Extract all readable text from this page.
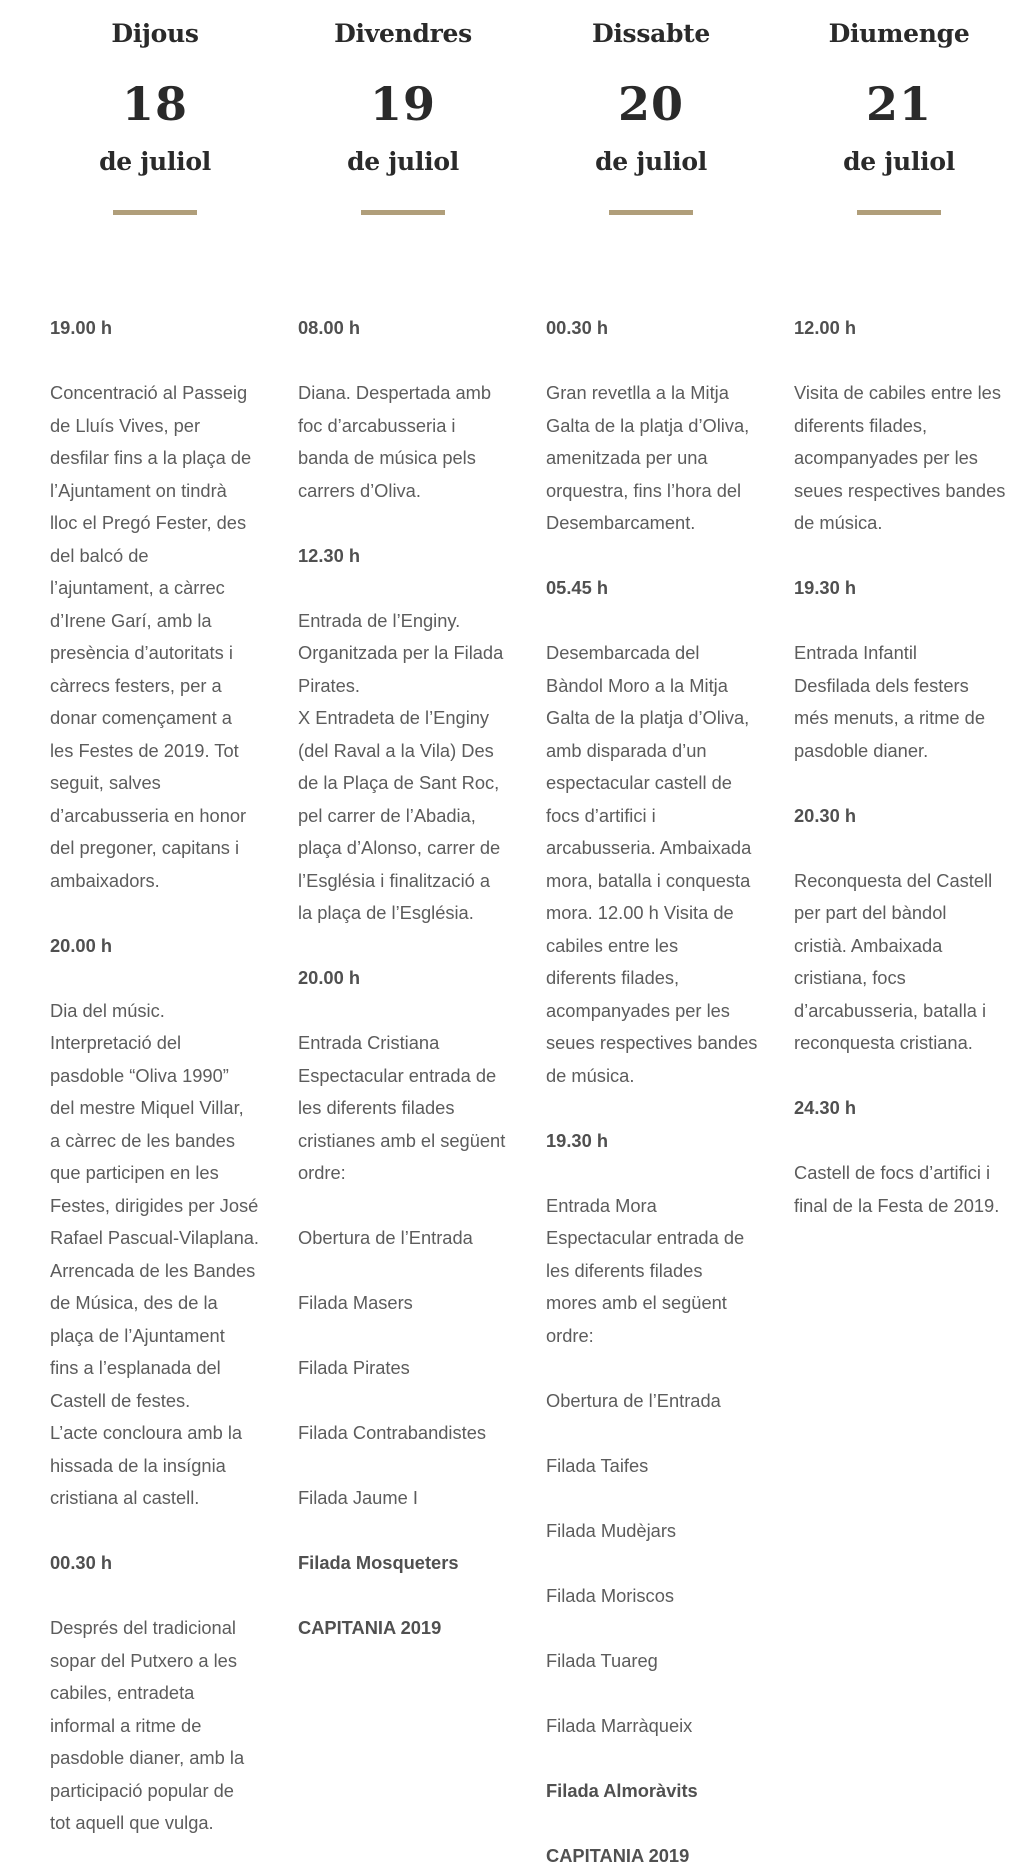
Dijous
18
de juliol
19.00 h
Concentració al Passeig
de Lluís Vives, per
desfilar fins a la plaça de
l’Ajuntament on tindrà
lloc el Pregó Fester, des
del balcó de
l’ajuntament, a càrrec
d’Irene Garí, amb la
presència d’autoritats i
càrrecs festers, per a
donar començament a
les Festes de 2019. Tot
seguit, salves
d’arcabusseria en honor
del pregoner, capitans i
ambaixadors.
20.00 h
Dia del músic.
Interpretació del
pasdoble “Oliva 1990”
del mestre Miquel Villar,
a càrrec de les bandes
que participen en les
Festes, dirigides per José
Rafael Pascual-Vilaplana.
Arrencada de les Bandes
de Música, des de la
plaça de l’Ajuntament
fins a l’esplanada del
Castell de festes.
L’acte concloura amb la
hissada de la insígnia
cristiana al castell.
00.30 h
Després del tradicional
sopar del Putxero a les
cabiles, entradeta
informal a ritme de
pasdoble dianer, amb la
participació popular de
tot aquell que vulga.
Divendres
19
de juliol
08.00 h
Diana. Despertada amb
foc d’arcabusseria i
banda de música pels
carrers d’Oliva.
12.30 h
Entrada de l’Enginy.
Organitzada per la Filada
Pirates.
X Entradeta de l’Enginy
(del Raval a la Vila) Des
de la Plaça de Sant Roc,
pel carrer de l’Abadia,
plaça d’Alonso, carrer de
l’Església i finalització a
la plaça de l’Església.
20.00 h
Entrada Cristiana
Espectacular entrada de
les diferents filades
cristianes amb el següent
ordre:
Obertura de l’Entrada
Filada Masers
Filada Pirates
Filada Contrabandistes
Filada Jaume I
Filada Mosqueters
CAPITANIA 2019
Dissabte
20
de juliol
00.30 h
Gran revetlla a la Mitja
Galta de la platja d’Oliva,
amenitzada per una
orquestra, fins l’hora del
Desembarcament.
05.45 h
Desembarcada del
Bàndol Moro a la Mitja
Galta de la platja d’Oliva,
amb disparada d’un
espectacular castell de
focs d’artifici i
arcabusseria. Ambaixada
mora, batalla i conquesta
mora. 12.00 h Visita de
cabiles entre les
diferents filades,
acompanyades per les
seues respectives bandes
de música.
19.30 h
Entrada Mora
Espectacular entrada de
les diferents filades
mores amb el següent
ordre:
Obertura de l’Entrada
Filada Taifes
Filada Mudèjars
Filada Moriscos
Filada Tuareg
Filada Marràqueix
Filada Almoràvits
CAPITANIA 2019
Diumenge
21
de juliol
12.00 h
Visita de cabiles entre les
diferents filades,
acompanyades per les
seues respectives bandes
de música.
19.30 h
Entrada Infantil
Desfilada dels festers
més menuts, a ritme de
pasdoble dianer.
20.30 h
Reconquesta del Castell
per part del bàndol
cristià. Ambaixada
cristiana, focs
d’arcabusseria, batalla i
reconquesta cristiana.
24.30 h
Castell de focs d’artifici i
final de la Festa de 2019.
